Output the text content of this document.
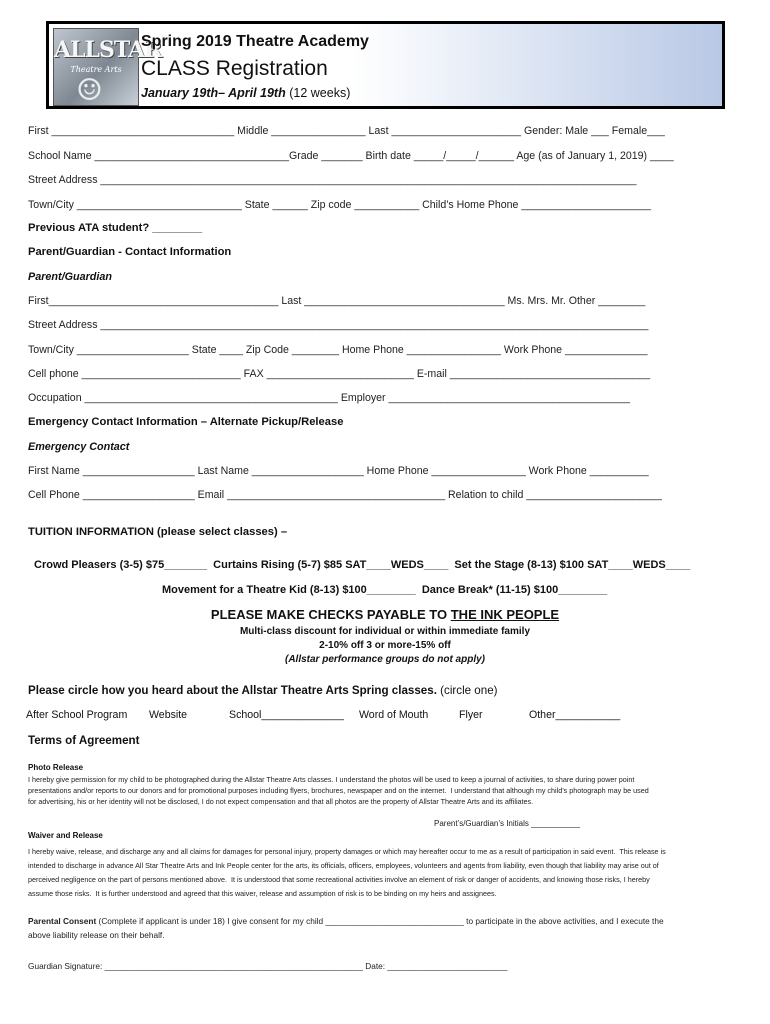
ALLSTAR
Theatre Arts
☺
Spring 2019 Theatre Academy
CLASS Registration
January 19th– April 19th (12 weeks)
First _______________________________ Middle ________________ Last ______________________ Gender: Male ___ Female___
School Name _________________________________Grade _______ Birth date _____/_____/______ Age (as of January 1, 2019) ____
Street Address ___________________________________________________________________________________________
Town/City ____________________________ State ______ Zip code ___________ Child’s Home Phone ______________________
Previous ATA student? ________
Parent/Guardian - Contact Information
Parent/Guardian
First_______________________________________ Last __________________________________ Ms. Mrs. Mr. Other ________
Street Address _____________________________________________________________________________________________
Town/City ___________________ State ____ Zip Code ________ Home Phone ________________ Work Phone ______________
Cell phone ___________________________ FAX _________________________ E-mail __________________________________
Occupation ___________________________________________ Employer _________________________________________
Emergency Contact Information – Alternate Pickup/Release
Emergency Contact
First Name ___________________ Last Name ___________________ Home Phone ________________ Work Phone __________
Cell Phone ___________________ Email _____________________________________ Relation to child _______________________
TUITION INFORMATION (please select classes) –
Crowd Pleasers (3-5) $75_______  Curtains Rising (5-7) $85 SAT____WEDS____  Set the Stage (8-13) $100 SAT____WEDS____
Movement for a Theatre Kid (8-13) $100________  Dance Break* (11-15) $100________
PLEASE MAKE CHECKS PAYABLE TO THE INK PEOPLE
Multi-class discount for individual or within immediate family
2-10% off 3 or more-15% off
(Allstar performance groups do not apply)
Please circle how you heard about the Allstar Theatre Arts Spring classes. (circle one)
After School Program Website	School______________ Word of Mouth	Flyer	Other___________
Terms of Agreement
Photo Release
I hereby give permission for my child to be photographed during the Allstar Theatre Arts classes. I understand the photos will be used to keep a journal of activities, to share during power point
presentations and/or reports to our donors and for promotional purposes including flyers, brochures, newspaper and on the internet.  I understand that although my child’s photograph may be used
for advertising, his or her identity will not be disclosed, I do not expect compensation and that all photos are the property of Allstar Theatre Arts and its affiliates.
Parent’s/Guardian’s Initials ___________
Waiver and Release
I hereby waive, release, and discharge any and all claims for damages for personal injury, property damages or which may hereafter occur to me as a result of participation in said event.  This release is
intended to discharge in advance All Star Theatre Arts and Ink People center for the arts, its officials, officers, employees, volunteers and agents from liability, even though that liability may arise out of
perceived negligence on the part of persons mentioned above.  It is understood that some recreational activities involve an element of risk or danger of accidents, and knowing those risks, I hereby
assume those risks.  It is further understood and agreed that this waiver, release and assumption of risk is to be binding on my heirs and assignees.
Parental Consent (Complete if applicant is under 18) I give consent for my child ______________________________ to participate in the above activities, and I execute the
above liability release on their behalf.
Guardian Signature: ________________________________________________________ Date: __________________________
